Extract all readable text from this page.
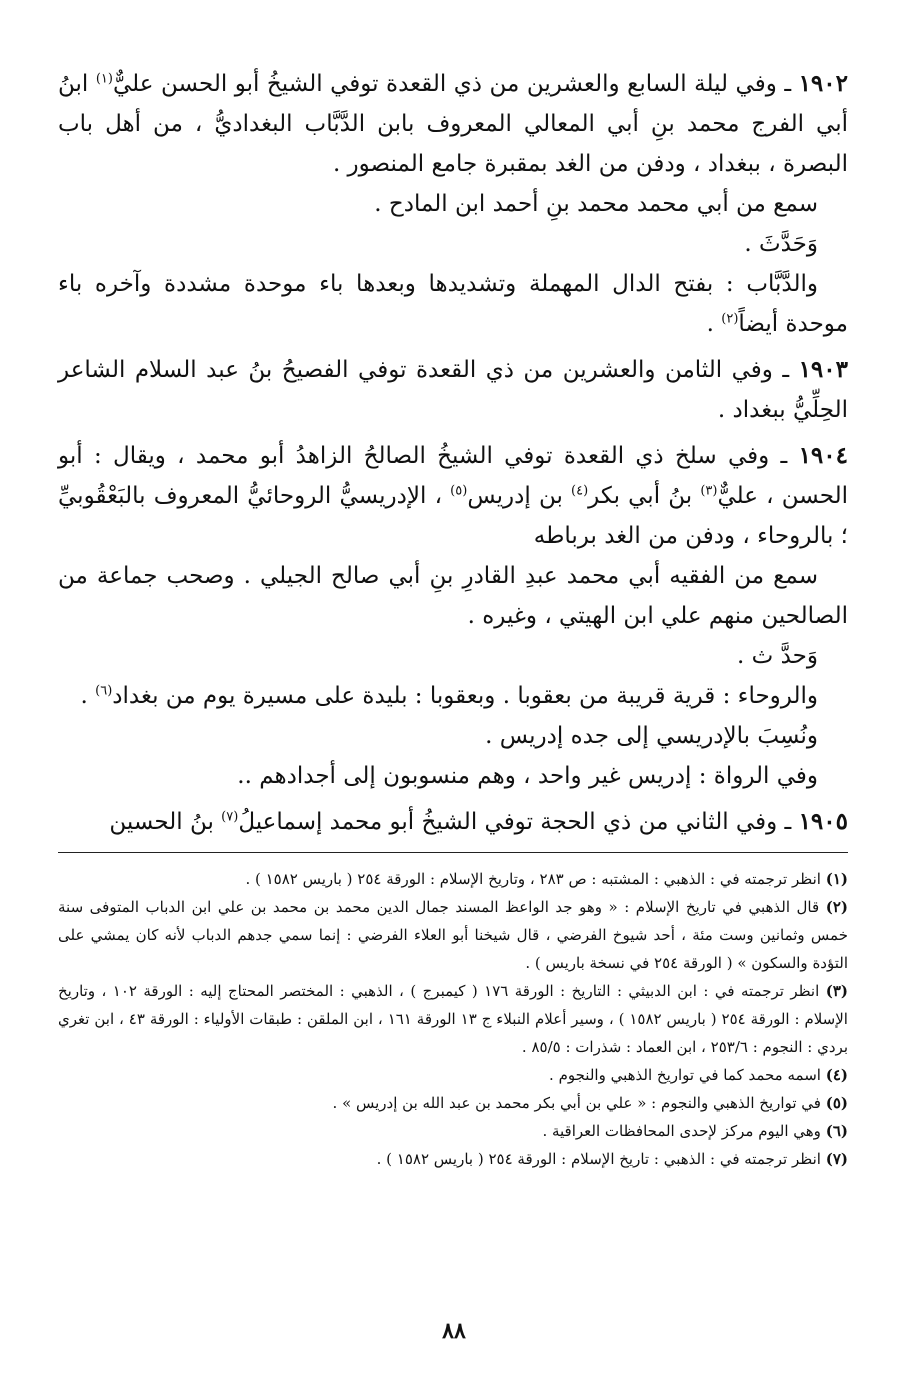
١٩٠٢ ـ وفي ليلة السابع والعشرين من ذي القعدة توفي الشيخُ أبو الحسن عليٌّ$^{(١)}$ ابنُ أبي الفرج محمد بنِ أبي المعالي المعروف بابن الدَّبَّاب البغداديُّ ، من أهل باب البصرة ، ببغداد ، ودفن من الغد بمقبرة جامع المنصور .

سمع من أبي محمد محمد بنِ أحمد ابن المادح .

وَحَدَّثَ .

والدَّبَّاب : بفتح الدال المهملة وتشديدها وبعدها باء موحدة مشددة وآخره باء موحدة أيضاً$^{(٢)}$ .

١٩٠٣ ـ وفي الثامن والعشرين من ذي القعدة توفي الفصيحُ بنُ عبد السلام الشاعر الحِلِّيُّ ببغداد .

١٩٠٤ ـ وفي سلخ ذي القعدة توفي الشيخُ الصالحُ الزاهدُ أبو محمد ، ويقال : أبو الحسن ، عليٌّ$^{(٣)}$ بنُ أبي بكر$^{(٤)}$ بن إدريس$^{(٥)}$ ، الإدريسيُّ الروحائيُّ المعروف بالبَعْقُوبيِّ ؛ بالروحاء ، ودفن من الغد برباطه

سمع من الفقيه أبي محمد عبدِ القادرِ بنِ أبي صالح الجيلي . وصحب جماعة من الصالحين منهم علي ابن الهيتي ، وغيره .

وَحدَّ ث .

والروحاء : قرية قريبة من بعقوبا . وبعقوبا : بليدة على مسيرة يوم من بغداد$^{(٦)}$ .

ونُسِبَ بالإدريسي إلى جده إدريس .

وفي الرواة : إدريس غير واحد ، وهم منسوبون إلى أجدادهم ..

١٩٠٥ ـ وفي الثاني من ذي الحجة توفي الشيخُ أبو محمد إسماعيلُ$^{(٧)}$ بنُ الحسين

(١) انظر ترجمته في : الذهبي : المشتبه : ص ٢٨٣ ، وتاريخ الإسلام : الورقة ٢٥٤ ( باريس ١٥٨٢ ) .

(٢) قال الذهبي في تاريخ الإسلام : « وهو جد الواعظ المسند جمال الدين محمد بن محمد بن علي ابن الدباب المتوفى سنة خمس وثمانين وست مئة ، أحد شيوخ الفرضي ، قال شيخنا أبو العلاء الفرضي : إنما سمي جدهم الدباب لأنه كان يمشي على التؤدة والسكون » ( الورقة ٢٥٤ في نسخة باريس ) .

(٣) انظر ترجمته في : ابن الدبيثي : التاريخ : الورقة ١٧٦ ( كيمبرج ) ، الذهبي : المختصر المحتاج إليه : الورقة ١٠٢ ، وتاريخ الإسلام : الورقة ٢٥٤ ( باريس ١٥٨٢ ) ، وسير أعلام النبلاء ج ١٣ الورقة ١٦١ ، ابن الملقن : طبقات الأولياء : الورقة ٤٣ ، ابن تغري بردي : النجوم : ٢٥٣/٦ ، ابن العماد : شذرات : ٨٥/٥ .

(٤) اسمه محمد كما في تواريخ الذهبي والنجوم .

(٥) في تواريخ الذهبي والنجوم : « علي بن أبي بكر محمد بن عبد الله بن إدريس » .

(٦) وهي اليوم مركز لإحدى المحافظات العراقية .

(٧) انظر ترجمته في : الذهبي : تاريخ الإسلام : الورقة ٢٥٤ ( باريس ١٥٨٢ ) .

٨٨
